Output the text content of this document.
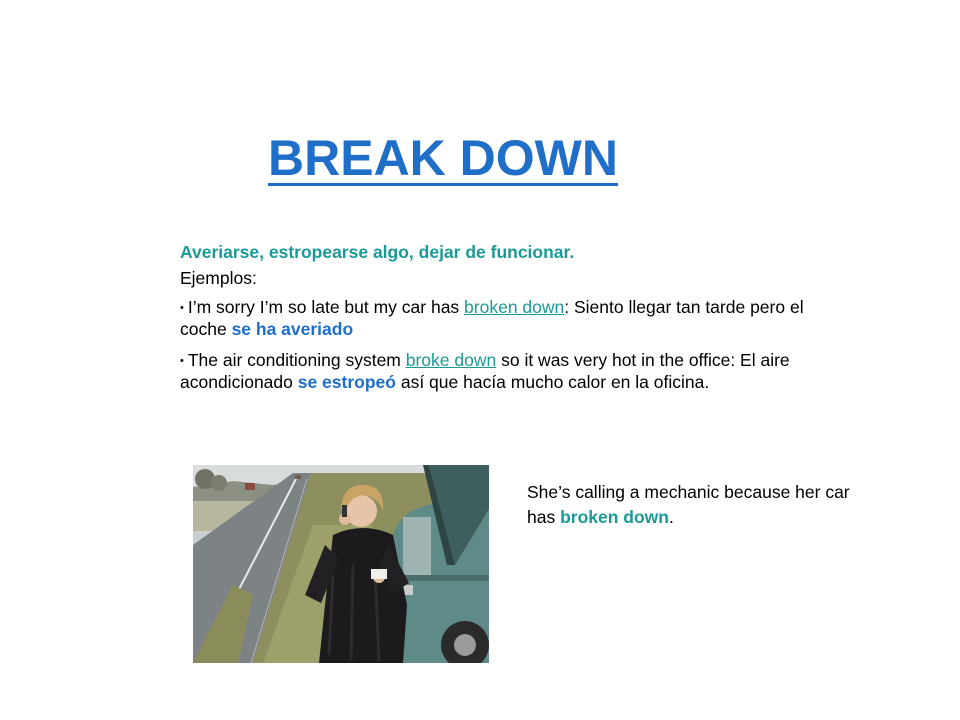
BREAK DOWN
Averiarse, estropearse algo, dejar de funcionar.
Ejemplos:
• I’m sorry I’m so late but my car has broken down: Siento llegar tan tarde pero el coche se ha averiado
• The air conditioning system broke down so it was very hot in the office: El aire acondicionado se estropeó así que hacía mucho calor en la oficina.
She’s calling a mechanic because her car has broken down.
